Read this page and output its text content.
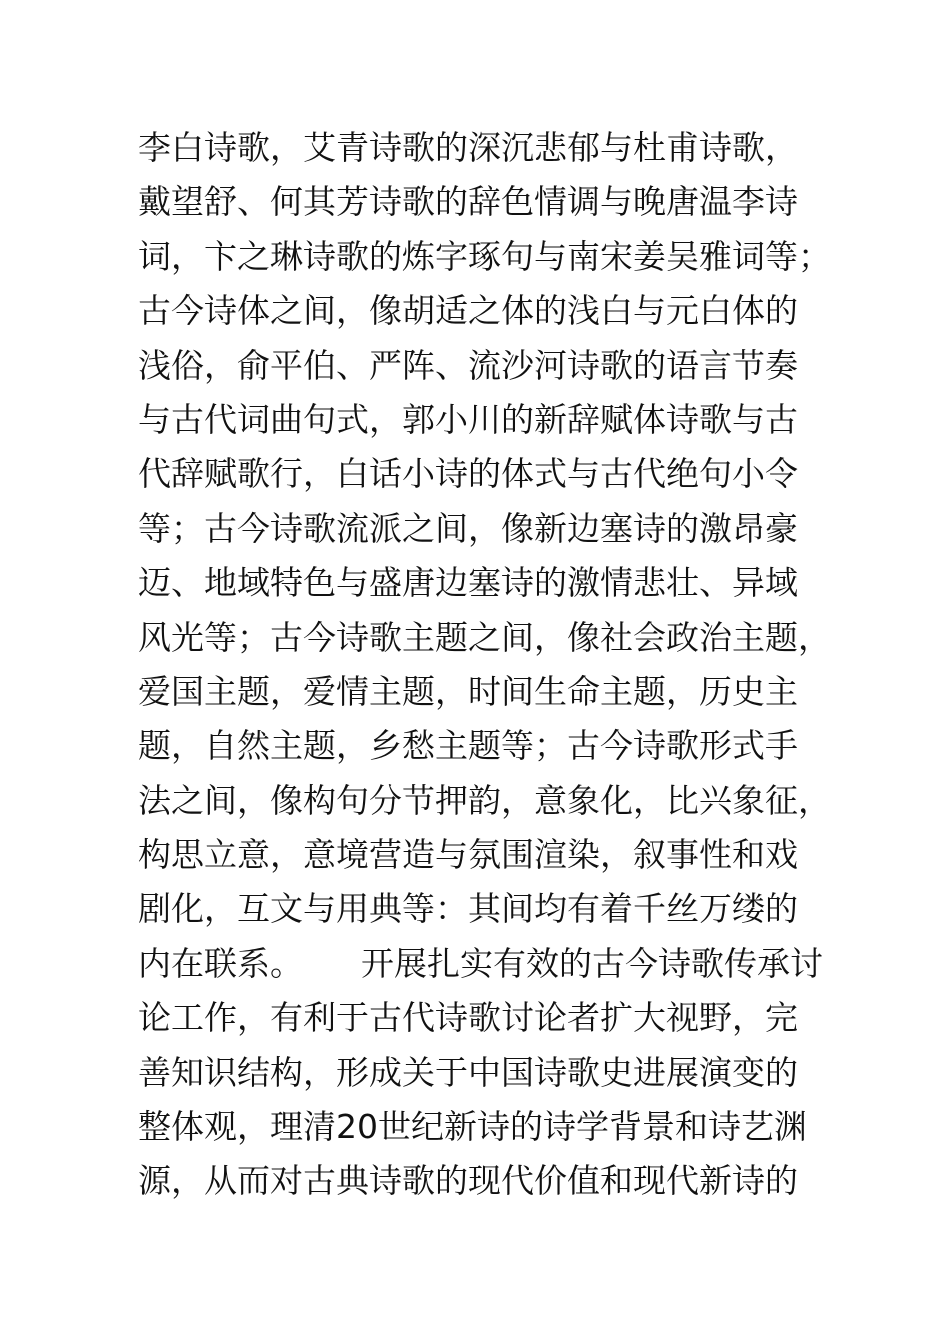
李白诗歌，艾青诗歌的深沉悲郁与杜甫诗歌，
戴望舒、何其芳诗歌的辞色情调与晚唐温李诗
词，卞之琳诗歌的炼字琢句与南宋姜吴雅词等；
古今诗体之间，像胡适之体的浅白与元白体的
浅俗，俞平伯、严阵、流沙河诗歌的语言节奏
与古代词曲句式，郭小川的新辞赋体诗歌与古
代辞赋歌行，白话小诗的体式与古代绝句小令
等；古今诗歌流派之间，像新边塞诗的激昂豪
迈、地域特色与盛唐边塞诗的激情悲壮、异域
风光等；古今诗歌主题之间，像社会政治主题，
爱国主题，爱情主题，时间生命主题，历史主
题，自然主题，乡愁主题等；古今诗歌形式手
法之间，像构句分节押韵，意象化，比兴象征，
构思立意，意境营造与氛围渲染，叙事性和戏
剧化，互文与用典等：其间均有着千丝万缕的
内在联系。 开展扎实有效的古今诗歌传承讨
论工作，有利于古代诗歌讨论者扩大视野，完
善知识结构，形成关于中国诗歌史进展演变的
整体观，理清20世纪新诗的诗学背景和诗艺渊
源，从而对古典诗歌的现代价值和现代新诗的
